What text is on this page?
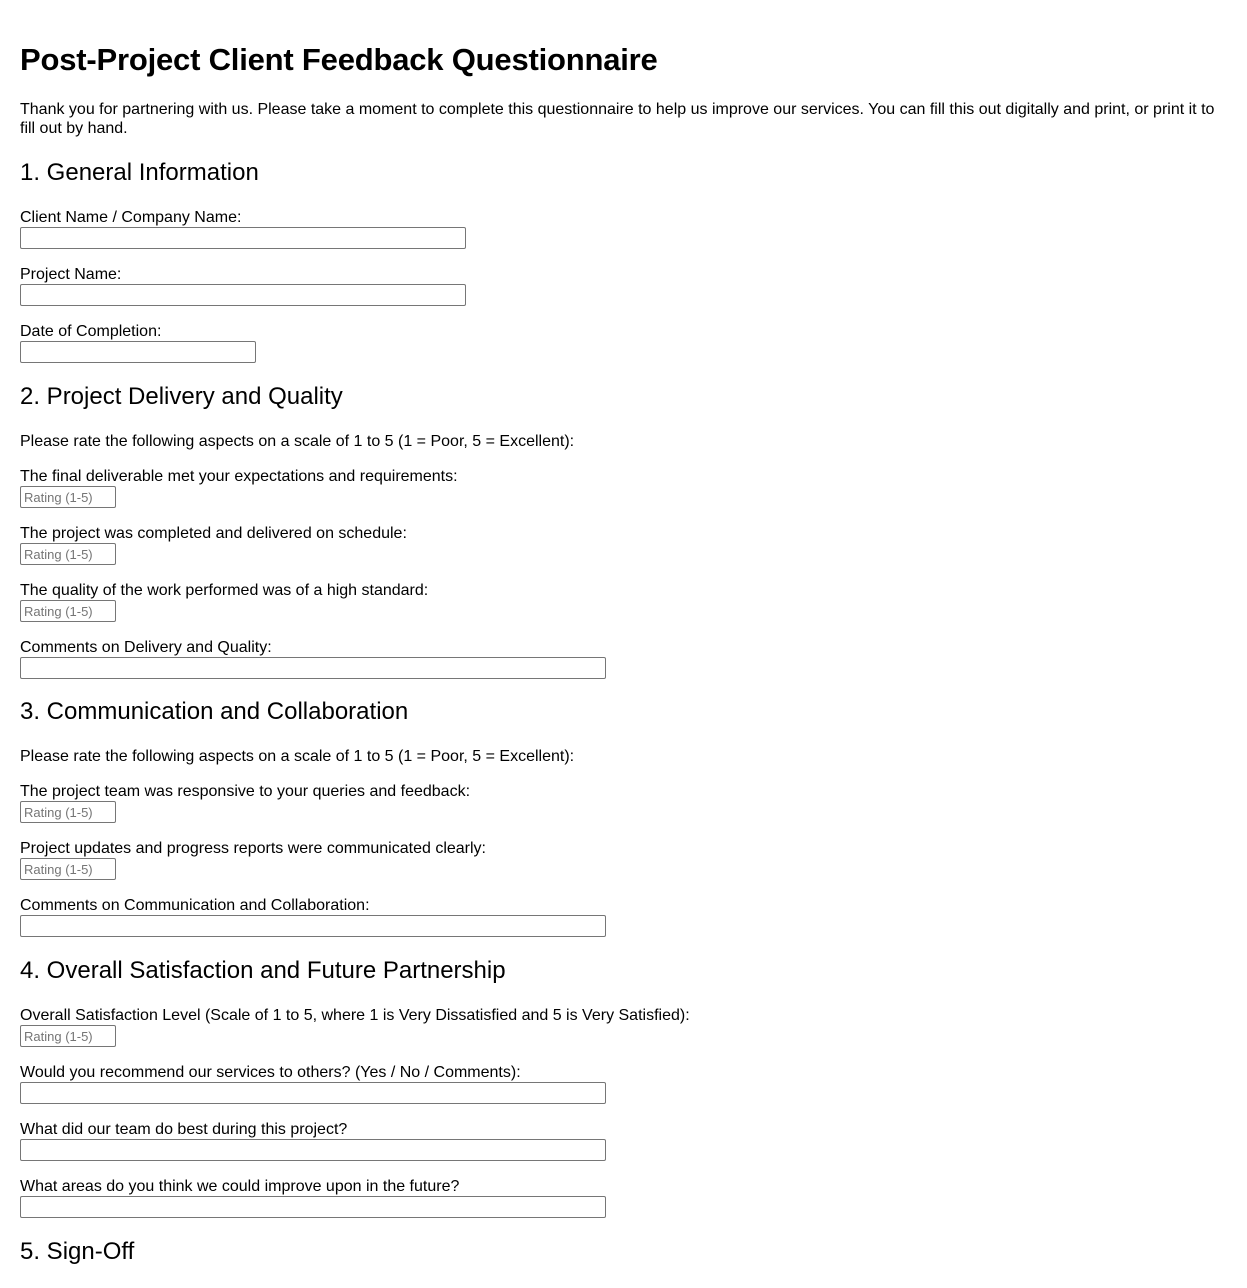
Post-Project Client Feedback Questionnaire

Thank you for partnering with us. Please take a moment to complete this questionnaire to help us improve our services. You can fill this out digitally and print, or print it to fill out by hand.

1. General Information
Client Name / Company Name:
Project Name:
Date of Completion:
2. Project Delivery and Quality

Please rate the following aspects on a scale of 1 to 5 (1 = Poor, 5 = Excellent):

The final deliverable met your expectations and requirements:
Rating (1-5)
The project was completed and delivered on schedule:
Rating (1-5)
The quality of the work performed was of a high standard:
Rating (1-5)
Comments on Delivery and Quality:
3. Communication and Collaboration

Please rate the following aspects on a scale of 1 to 5 (1 = Poor, 5 = Excellent):

The project team was responsive to your queries and feedback:
Rating (1-5)
Project updates and progress reports were communicated clearly:
Rating (1-5)
Comments on Communication and Collaboration:
4. Overall Satisfaction and Future Partnership
Overall Satisfaction Level (Scale of 1 to 5, where 1 is Very Dissatisfied and 5 is Very Satisfied):
Rating (1-5)
Would you recommend our services to others? (Yes / No / Comments):
What did our team do best during this project?
What areas do you think we could improve upon in the future?
5. Sign-Off
